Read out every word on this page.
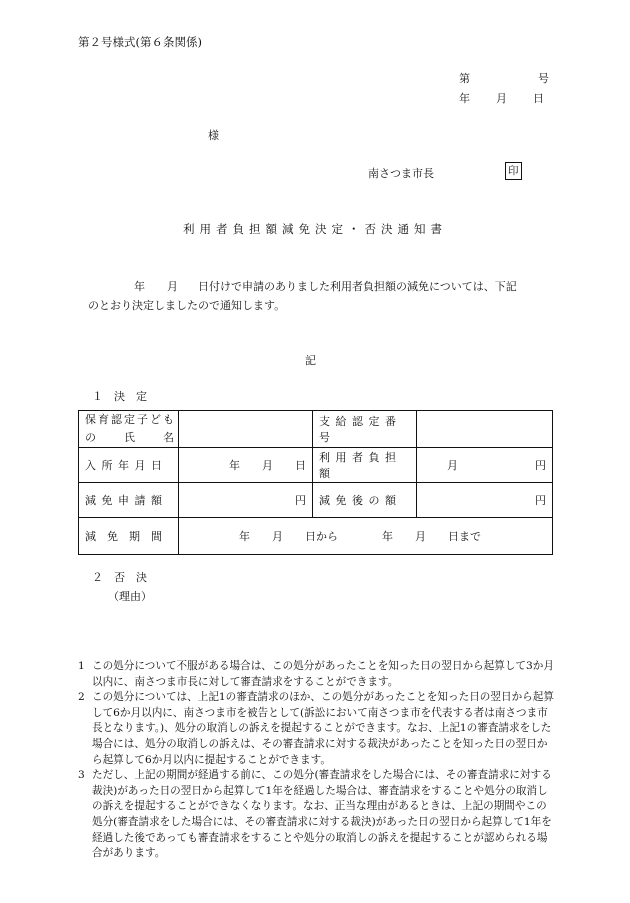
第２号様式(第６条関係)
第	号
年 月 日
様
南さつま市長	印
利用者負担額減免決定・否決通知書

年 月 日付けで申請のありました利用者負担額の減免については、下記

のとおり決定しましたので通知します。

記
１　決　定
保育認定子ども
の　　氏　　名		支 給 認 定 番 号	
入 所 年 月 日	年　　月　　日	利 用 者 負 担 額	月　　　　　　　円
減 免 申 請 額	円	減 免 後 の 額	円
減　免　期　間	年　　月　　日から　　　　年　　月　　日まで		
２　否　決
（理由）
1 この処分について不服がある場合は、この処分があったことを知った日の翌日から起算して3か月以内に、南さつま市長に対して審査請求をすることができます。
2 この処分については、上記1の審査請求のほか、この処分があったことを知った日の翌日から起算して6か月以内に、南さつま市を被告として(訴訟において南さつま市を代表する者は南さつま市長となります。)、処分の取消しの訴えを提起することができます。なお、上記1の審査請求をした場合には、処分の取消しの訴えは、その審査請求に対する裁決があったことを知った日の翌日から起算して6か月以内に提起することができます。
3 ただし、上記の期間が経過する前に、この処分(審査請求をした場合には、その審査請求に対する裁決)があった日の翌日から起算して1年を経過した場合は、審査請求をすることや処分の取消しの訴えを提起することができなくなります。なお、正当な理由があるときは、上記の期間やこの処分(審査請求をした場合には、その審査請求に対する裁決)があった日の翌日から起算して1年を経過した後であっても審査請求をすることや処分の取消しの訴えを提起することが認められる場合があります。
